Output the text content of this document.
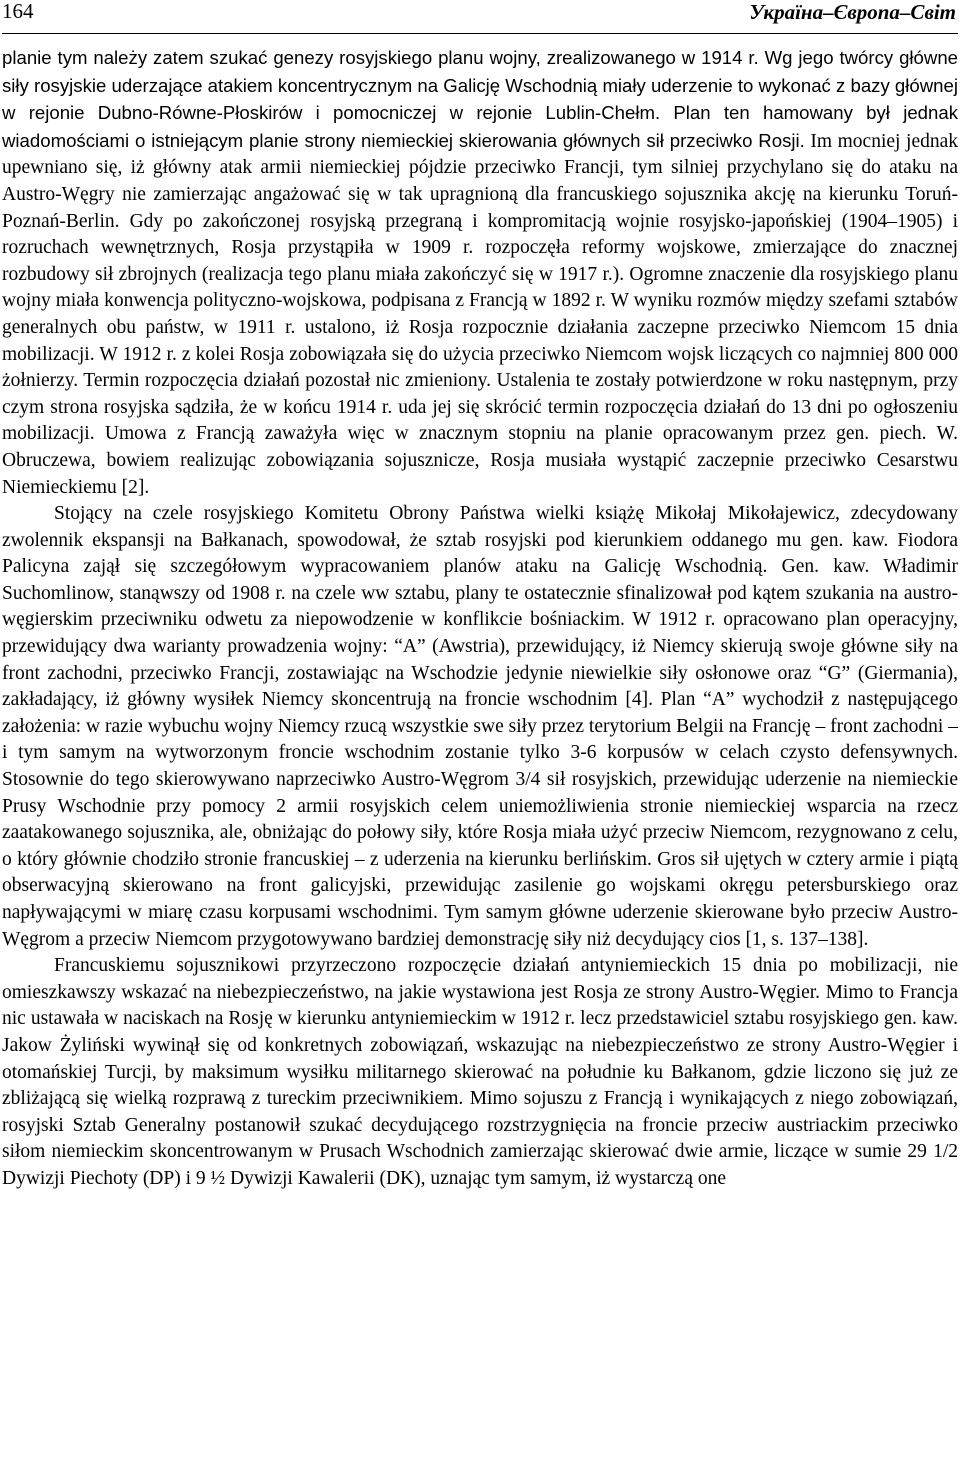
164	Україна–Європа–Світ

planie tym należy zatem szukać genezy rosyjskiego planu wojny, zrealizowanego w 1914 r. Wg jego twórcy główne siły rosyjskie uderzające atakiem koncentrycznym na Galicję Wschodnią miały uderzenie to wykonać z bazy głównej w rejonie Dubno-Równe-Płoskirów i pomocniczej w rejonie Lublin-Chełm. Plan ten hamowany był jednak wiadomościami o istniejącym planie strony niemieckiej skierowania głównych sił przeciwko Rosji. Im mocniej jednak upewniano się, iż główny atak armii niemieckiej pójdzie przeciwko Francji, tym silniej przychylano się do ataku na Austro-Węgry nie zamierzając angażować się w tak upragnioną dla francuskiego sojusznika akcję na kierunku Toruń-Poznań-Berlin. Gdy po zakończonej rosyjską przegraną i kompromitacją wojnie rosyjsko-japońskiej (1904–1905) i rozruchach wewnętrznych, Rosja przystąpiła w 1909 r. rozpoczęła reformy wojskowe, zmierzające do znacznej rozbudowy sił zbrojnych (realizacja tego planu miała zakończyć się w 1917 r.). Ogromne znaczenie dla rosyjskiego planu wojny miała konwencja polityczno-wojskowa, podpisana z Francją w 1892 r. W wyniku rozmów między szefami sztabów generalnych obu państw, w 1911 r. ustalono, iż Rosja rozpocznie działania zaczepne przeciwko Niemcom 15 dnia mobilizacji. W 1912 r. z kolei Rosja zobowiązała się do użycia przeciwko Niemcom wojsk liczących co najmniej 800 000 żołnierzy. Termin rozpoczęcia działań pozostał nic zmieniony. Ustalenia te zostały potwierdzone w roku następnym, przy czym strona rosyjska sądziła, że w końcu 1914 r. uda jej się skrócić termin rozpoczęcia działań do 13 dni po ogłoszeniu mobilizacji. Umowa z Francją zaważyła więc w znacznym stopniu na planie opracowanym przez gen. piech. W. Obruczewa, bowiem realizując zobowiązania sojusznicze, Rosja musiała wystąpić zaczepnie przeciwko Cesarstwu Niemieckiemu [2].

Stojący na czele rosyjskiego Komitetu Obrony Państwa wielki książę Mikołaj Mikołajewicz, zdecydowany zwolennik ekspansji na Bałkanach, spowodował, że sztab rosyjski pod kierunkiem oddanego mu gen. kaw. Fiodora Palicyna zajął się szczegółowym wypracowaniem planów ataku na Galicję Wschodnią. Gen. kaw. Władimir Suchomlinow, stanąwszy od 1908 r. na czele ww sztabu, plany te ostatecznie sfinalizował pod kątem szukania na austro-węgierskim przeciwniku odwetu za niepowodzenie w konflikcie bośniackim. W 1912 r. opracowano plan operacyjny, przewidujący dwa warianty prowadzenia wojny: “A” (Awstria), przewidujący, iż Niemcy skierują swoje główne siły na front zachodni, przeciwko Francji, zostawiając na Wschodzie jedynie niewielkie siły osłonowe oraz “G” (Giermania), zakładający, iż główny wysiłek Niemcy skoncentrują na froncie wschodnim [4]. Plan “A” wychodził z następującego założenia: w razie wybuchu wojny Niemcy rzucą wszystkie swe siły przez terytorium Belgii na Francję – front zachodni – i tym samym na wytworzonym froncie wschodnim zostanie tylko 3-6 korpusów w celach czysto defensywnych. Stosownie do tego skierowywano naprzeciwko Austro-Węgrom 3/4 sił rosyjskich, przewidując uderzenie na niemieckie Prusy Wschodnie przy pomocy 2 armii rosyjskich celem uniemożliwienia stronie niemieckiej wsparcia na rzecz zaatakowanego sojusznika, ale, obniżając do połowy siły, które Rosja miała użyć przeciw Niemcom, rezygnowano z celu, o który głównie chodziło stronie francuskiej – z uderzenia na kierunku berlińskim. Gros sił ujętych w cztery armie i piątą obserwacyjną skierowano na front galicyjski, przewidując zasilenie go wojskami okręgu petersburskiego oraz napływającymi w miarę czasu korpusami wschodnimi. Tym samym główne uderzenie skierowane było przeciw Austro-Węgrom a przeciw Niemcom przygotowywano bardziej demonstrację siły niż decydujący cios [1, s. 137–138].

Francuskiemu sojusznikowi przyrzeczono rozpoczęcie działań antyniemieckich 15 dnia po mobilizacji, nie omieszkawszy wskazać na niebezpieczeństwo, na jakie wystawiona jest Rosja ze strony Austro-Węgier. Mimo to Francja nic ustawała w naciskach na Rosję w kierunku antyniemieckim w 1912 r. lecz przedstawiciel sztabu rosyjskiego gen. kaw. Jakow Żyliński wywinął się od konkretnych zobowiązań, wskazując na niebezpieczeństwo ze strony Austro-Węgier i otomańskiej Turcji, by maksimum wysiłku militarnego skierować na południe ku Bałkanom, gdzie liczono się już ze zbliżającą się wielką rozprawą z tureckim przeciwnikiem. Mimo sojuszu z Francją i wynikających z niego zobowiązań, rosyjski Sztab Generalny postanowił szukać decydującego rozstrzygnięcia na froncie przeciw austriackim przeciwko siłom niemieckim skoncentrowanym w Prusach Wschodnich zamierzając skierować dwie armie, liczące w sumie 29 1/2 Dywizji Piechoty (DP) i 9 ½ Dywizji Kawalerii (DK), uznając tym samym, iż wystarczą one
